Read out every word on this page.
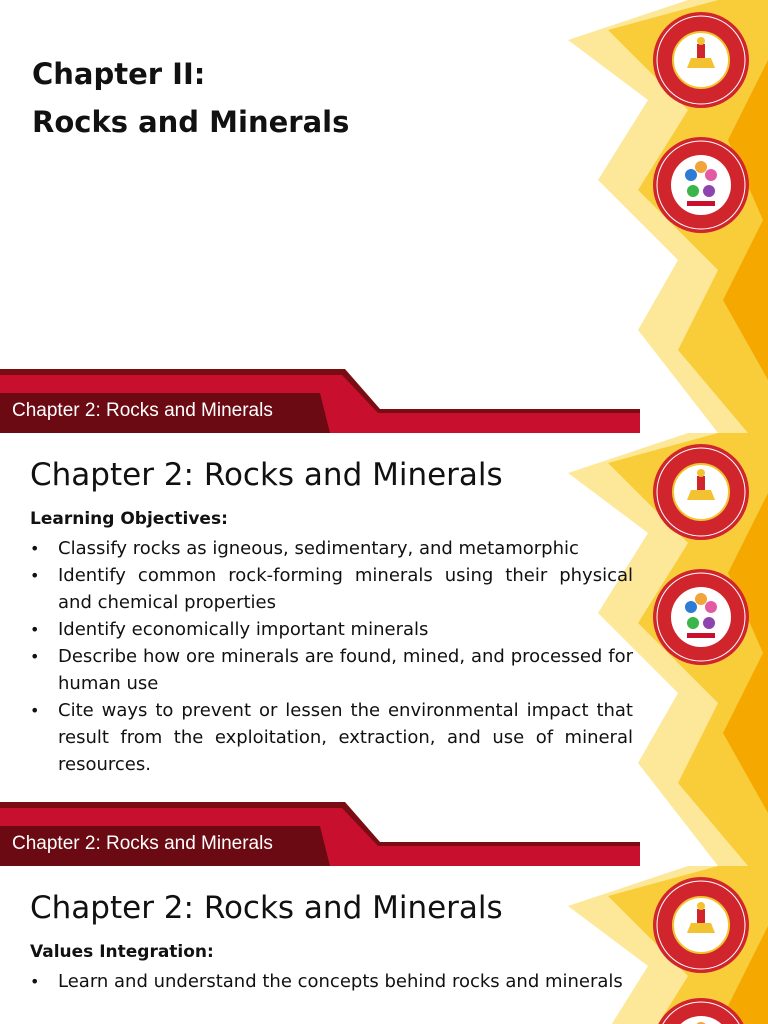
Chapter II:
Rocks and Minerals
Chapter 2: Rocks and Minerals
Chapter 2: Rocks and Minerals
Learning Objectives:
• Classify rocks as igneous, sedimentary, and metamorphic
• Identify common rock-forming minerals using their physical and chemical properties
• Identify economically important minerals
• Describe how ore minerals are found, mined, and processed for human use
• Cite ways to prevent or lessen the environmental impact that result from the exploitation, extraction, and use of mineral resources.
Chapter 2: Rocks and Minerals
Chapter 2: Rocks and Minerals
Values Integration:
• Learn and understand the concepts behind rocks and minerals
